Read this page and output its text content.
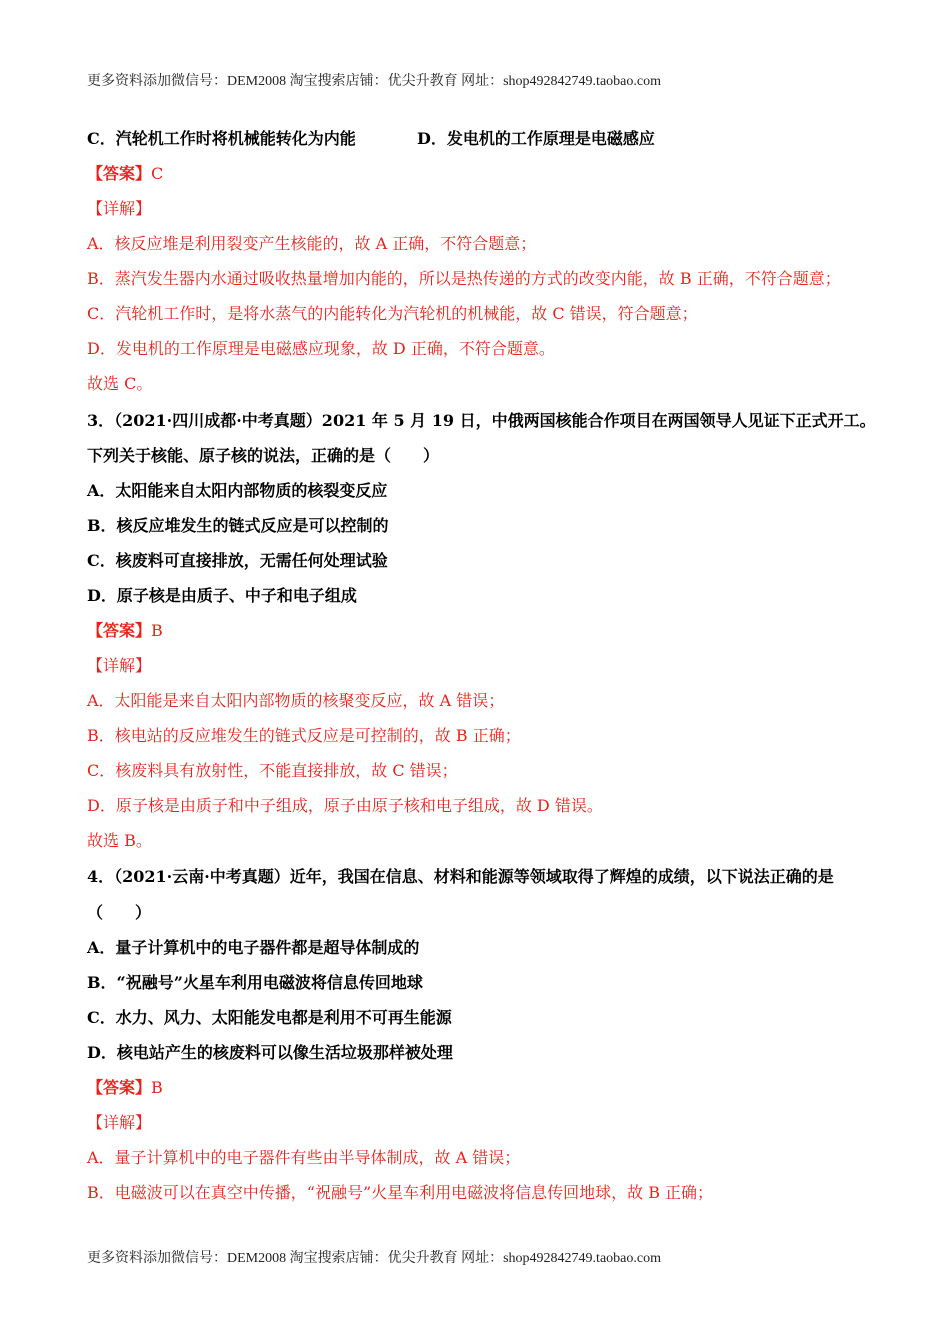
更多资料添加微信号：DEM2008 淘宝搜索店铺：优尖升教育 网址：shop492842749.taobao.com
C．汽轮机工作时将机械能转化为内能	D．发电机的工作原理是电磁感应
【答案】C
【详解】
A．核反应堆是利用裂变产生核能的，故 A 正确，不符合题意；
B．蒸汽发生器内水通过吸收热量增加内能的，所以是热传递的方式的改变内能，故 B 正确，不符合题意；
C．汽轮机工作时，是将水蒸气的内能转化为汽轮机的机械能，故 C 错误，符合题意；
D．发电机的工作原理是电磁感应现象，故 D 正确，不符合题意。
故选 C。
3．（2021·四川成都·中考真题）2021 年 5 月 19 日，中俄两国核能合作项目在两国领导人见证下正式开工。
下列关于核能、原子核的说法，正确的是（　　）
A．太阳能来自太阳内部物质的核裂变反应
B．核反应堆发生的链式反应是可以控制的
C．核废料可直接排放，无需任何处理试验
D．原子核是由质子、中子和电子组成
【答案】B
【详解】
A．太阳能是来自太阳内部物质的核聚变反应，故 A 错误；
B．核电站的反应堆发生的链式反应是可控制的，故 B 正确；
C．核废料具有放射性，不能直接排放，故 C 错误；
D．原子核是由质子和中子组成，原子由原子核和电子组成，故 D 错误。
故选 B。
4．（2021·云南·中考真题）近年，我国在信息、材料和能源等领域取得了辉煌的成绩，以下说法正确的是
（　　）
A．量子计算机中的电子器件都是超导体制成的
B．“祝融号”火星车利用电磁波将信息传回地球
C．水力、风力、太阳能发电都是利用不可再生能源
D．核电站产生的核废料可以像生活垃圾那样被处理
【答案】B
【详解】
A．量子计算机中的电子器件有些由半导体制成，故 A 错误；
B．电磁波可以在真空中传播，“祝融号”火星车利用电磁波将信息传回地球，故 B 正确；
更多资料添加微信号：DEM2008 淘宝搜索店铺：优尖升教育 网址：shop492842749.taobao.com
